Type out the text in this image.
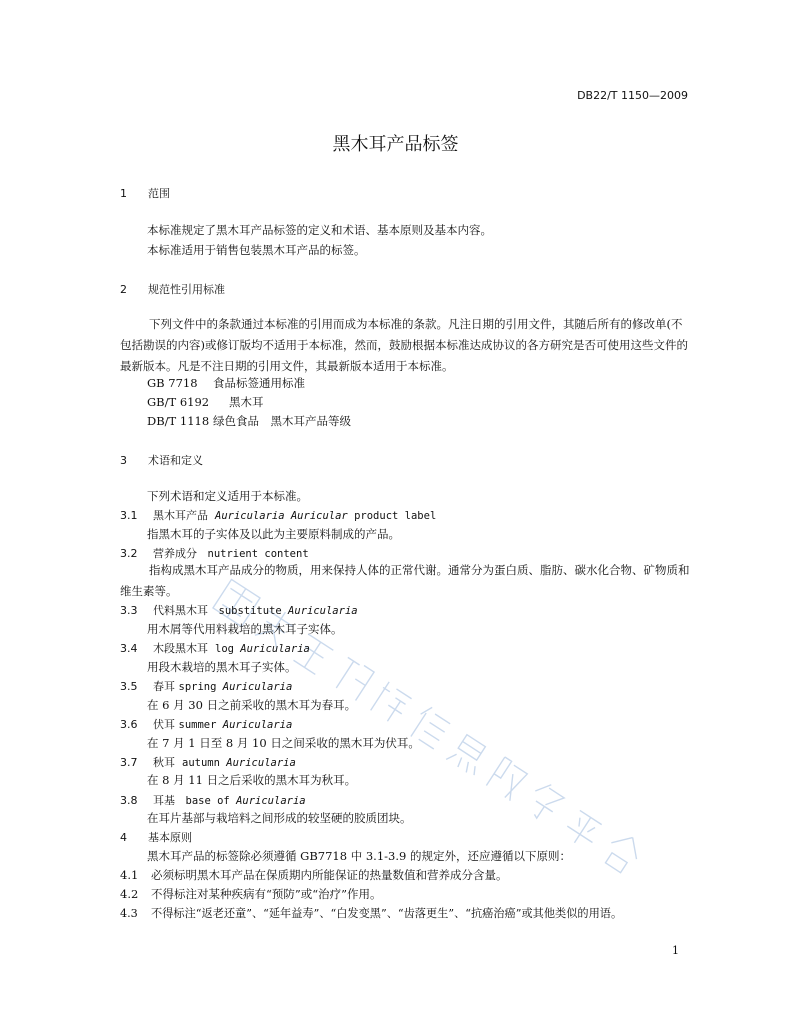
DB22/T 1150—2009
黑木耳产品标签
1 范围
本标准规定了黑木耳产品标签的定义和术语、基本原则及基本内容。
本标准适用于销售包装黑木耳产品的标签。
2 规范性引用标准
下列文件中的条款通过本标准的引用而成为本标准的条款。凡注日期的引用文件，其随后所有的修改单(不包括勘误的内容)或修订版均不适用于本标准，然而，鼓励根据本标准达成协议的各方研究是否可使用这些文件的最新版本。凡是不注日期的引用文件，其最新版本适用于本标准。
GB 7718 食品标签通用标准
GB/T 6192 黑木耳
DB/T 1118 绿色食品　黑木耳产品等级
3 术语和定义
下列术语和定义适用于本标准。
3.1 黑木耳产品 Auricularia Auricular product label
指黑木耳的子实体及以此为主要原料制成的产品。
3.2 营养成分 nutrient content
指构成黑木耳产品成分的物质，用来保持人体的正常代谢。通常分为蛋白质、脂肪、碳水化合物、矿物质和维生素等。
3.3 代料黑木耳 substitute Auricularia
用木屑等代用料栽培的黑木耳子实体。
3.4 木段黑木耳 log Auricularia
用段木栽培的黑木耳子实体。
3.5 春耳 spring Auricularia
在 6 月 30 日之前采收的黑木耳为春耳。
3.6 伏耳 summer Auricularia
在 7 月 1 日至 8 月 10 日之间采收的黑木耳为伏耳。
3.7 秋耳 autumn Auricularia
在 8 月 11 日之后采收的黑木耳为秋耳。
3.8 耳基 base of Auricularia
在耳片基部与栽培料之间形成的较坚硬的胶质团块。
4 基本原则
黑木耳产品的标签除必须遵循 GB7718 中 3.1-3.9 的规定外，还应遵循以下原则：
4.1 必须标明黑木耳产品在保质期内所能保证的热量数值和营养成分含量。
4.2 不得标注对某种疾病有“预防”或“治疗”作用。
4.3 不得标注“返老还童”、“延年益寿”、“白发变黑”、“齿落更生”、“抗癌治癌”或其他类似的用语。
1
